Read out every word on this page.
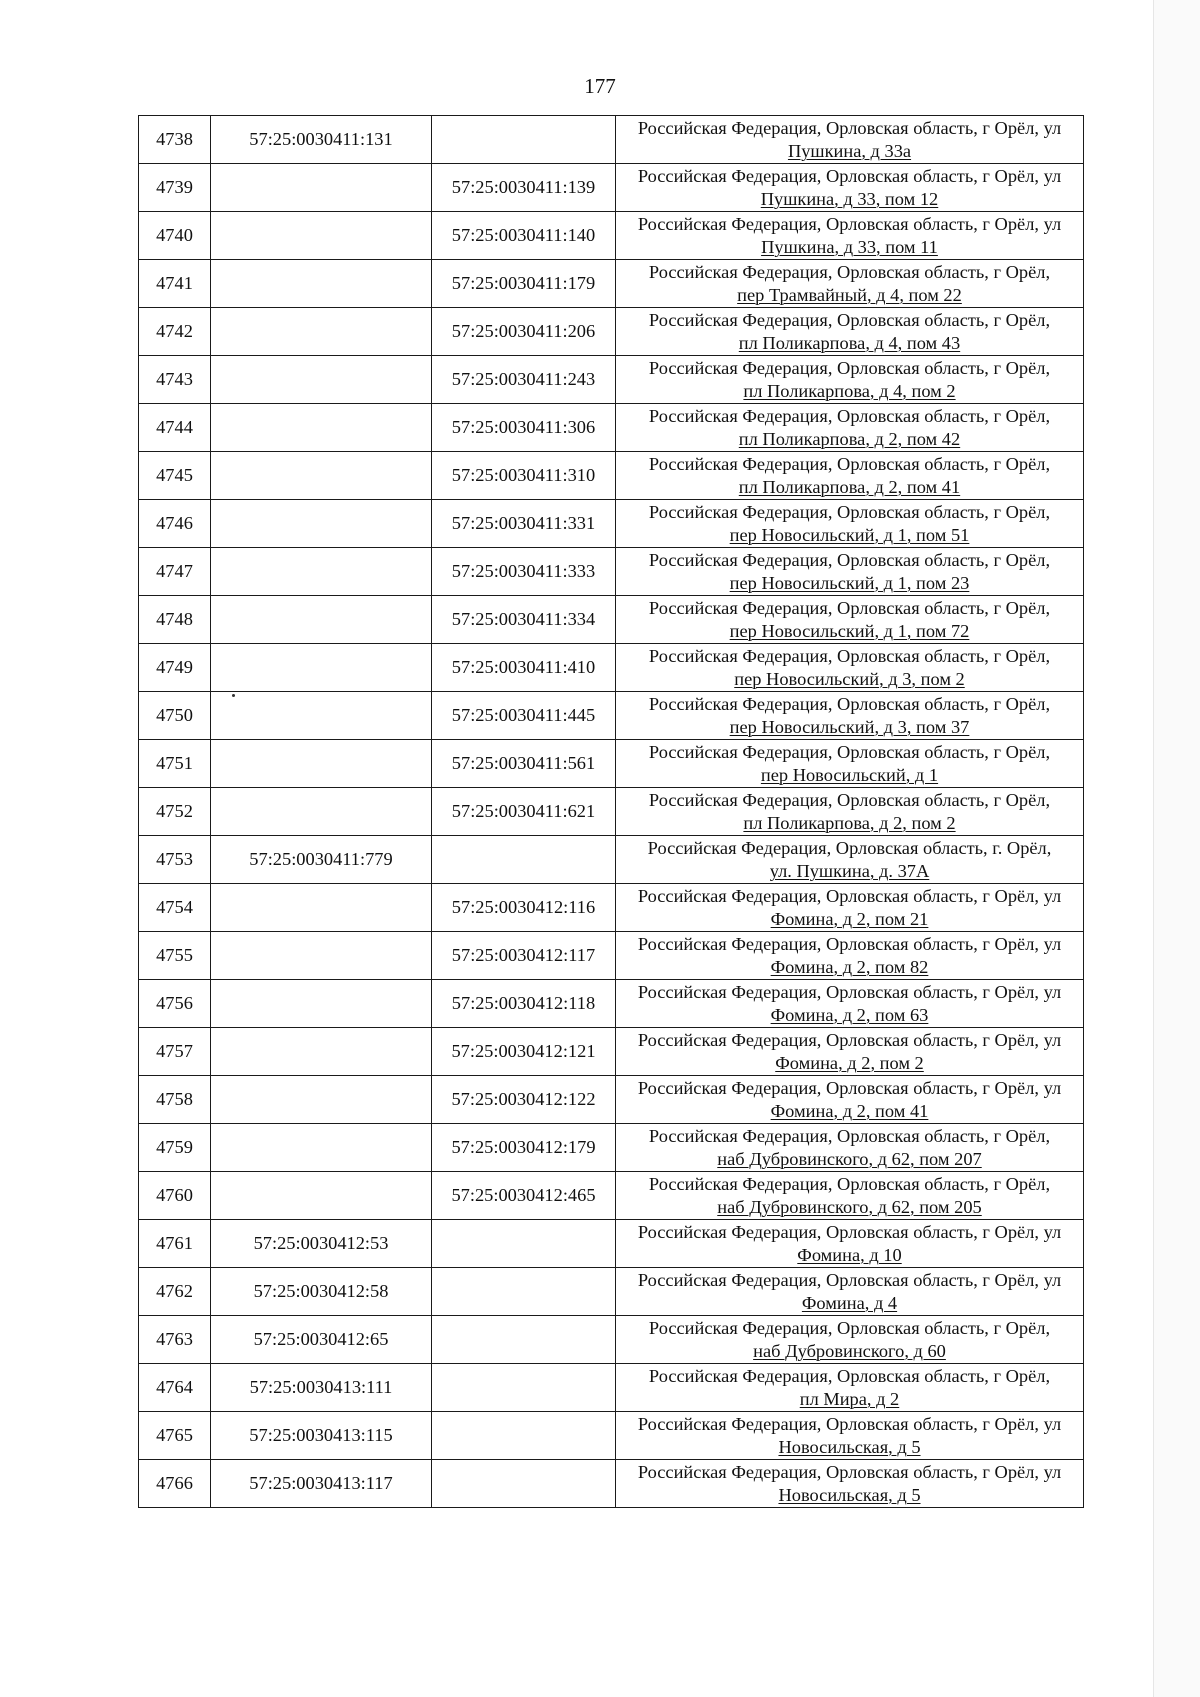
177
4738	57:25:0030411:131		Российская Федерация, Орловская область, г Орёл, ул
Пушкина, д 33а

4739		57:25:0030411:139	Российская Федерация, Орловская область, г Орёл, ул
Пушкина, д 33, пом 12

4740		57:25:0030411:140	Российская Федерация, Орловская область, г Орёл, ул
Пушкина, д 33, пом 11

4741		57:25:0030411:179	Российская Федерация, Орловская область, г Орёл,
пер Трамвайный, д 4, пом 22

4742		57:25:0030411:206	Российская Федерация, Орловская область, г Орёл,
пл Поликарпова, д 4, пом 43

4743		57:25:0030411:243	Российская Федерация, Орловская область, г Орёл,
пл Поликарпова, д 4, пом 2

4744		57:25:0030411:306	Российская Федерация, Орловская область, г Орёл,
пл Поликарпова, д 2, пом 42

4745		57:25:0030411:310	Российская Федерация, Орловская область, г Орёл,
пл Поликарпова, д 2, пом 41

4746		57:25:0030411:331	Российская Федерация, Орловская область, г Орёл,
пер Новосильский, д 1, пом 51

4747		57:25:0030411:333	Российская Федерация, Орловская область, г Орёл,
пер Новосильский, д 1, пом 23

4748		57:25:0030411:334	Российская Федерация, Орловская область, г Орёл,
пер Новосильский, д 1, пом 72

4749		57:25:0030411:410	Российская Федерация, Орловская область, г Орёл,
пер Новосильский, д 3, пом 2

4750		57:25:0030411:445	Российская Федерация, Орловская область, г Орёл,
пер Новосильский, д 3, пом 37

4751		57:25:0030411:561	Российская Федерация, Орловская область, г Орёл,
пер Новосильский, д 1

4752		57:25:0030411:621	Российская Федерация, Орловская область, г Орёл,
пл Поликарпова, д 2, пом 2

4753	57:25:0030411:779		Российская Федерация, Орловская область, г. Орёл,
ул. Пушкина, д. 37А

4754		57:25:0030412:116	Российская Федерация, Орловская область, г Орёл, ул
Фомина, д 2, пом 21

4755		57:25:0030412:117	Российская Федерация, Орловская область, г Орёл, ул
Фомина, д 2, пом 82

4756		57:25:0030412:118	Российская Федерация, Орловская область, г Орёл, ул
Фомина, д 2, пом 63

4757		57:25:0030412:121	Российская Федерация, Орловская область, г Орёл, ул
Фомина, д 2, пом 2

4758		57:25:0030412:122	Российская Федерация, Орловская область, г Орёл, ул
Фомина, д 2, пом 41

4759		57:25:0030412:179	Российская Федерация, Орловская область, г Орёл,
наб Дубровинского, д 62, пом 207

4760		57:25:0030412:465	Российская Федерация, Орловская область, г Орёл,
наб Дубровинского, д 62, пом 205

4761	57:25:0030412:53		Российская Федерация, Орловская область, г Орёл, ул
Фомина, д 10

4762	57:25:0030412:58		Российская Федерация, Орловская область, г Орёл, ул
Фомина, д 4

4763	57:25:0030412:65		Российская Федерация, Орловская область, г Орёл,
наб Дубровинского, д 60

4764	57:25:0030413:111		Российская Федерация, Орловская область, г Орёл,
пл Мира, д 2

4765	57:25:0030413:115		Российская Федерация, Орловская область, г Орёл, ул
Новосильская, д 5

4766	57:25:0030413:117		Российская Федерация, Орловская область, г Орёл, ул
Новосильская, д 5
